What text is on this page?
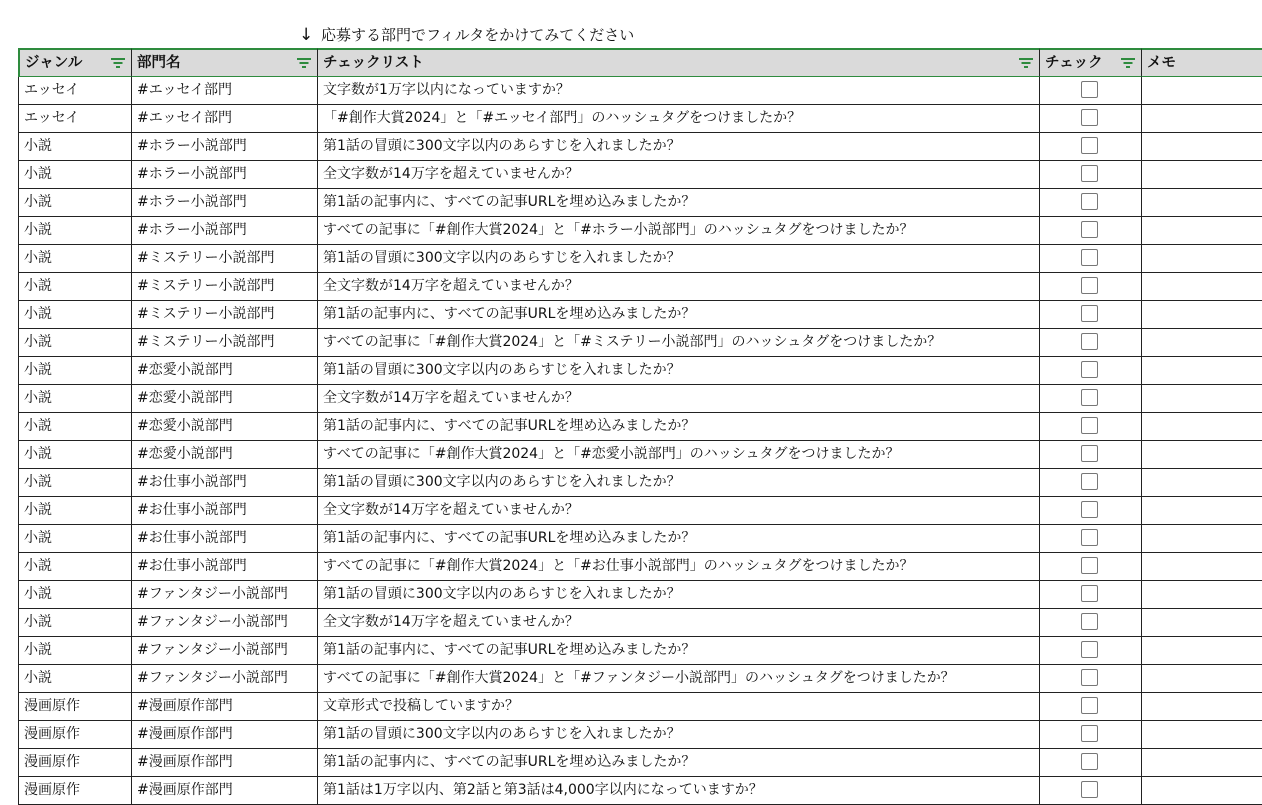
↓ 応募する部門でフィルタをかけてみてください
ジャンル	部門名	チェックリスト	チェック	メモ
エッセイ	#エッセイ部門	文字数が1万字以内になっていますか？
エッセイ	#エッセイ部門	「#創作大賞2024」と「#エッセイ部門」のハッシュタグをつけましたか？
小説	#ホラー小説部門	第1話の冒頭に300文字以内のあらすじを入れましたか？
小説	#ホラー小説部門	全文字数が14万字を超えていませんか？
小説	#ホラー小説部門	第1話の記事内に、すべての記事URLを埋め込みましたか？
小説	#ホラー小説部門	すべての記事に「#創作大賞2024」と「#ホラー小説部門」のハッシュタグをつけましたか？
小説	#ミステリー小説部門	第1話の冒頭に300文字以内のあらすじを入れましたか？
小説	#ミステリー小説部門	全文字数が14万字を超えていませんか？
小説	#ミステリー小説部門	第1話の記事内に、すべての記事URLを埋め込みましたか？
小説	#ミステリー小説部門	すべての記事に「#創作大賞2024」と「#ミステリー小説部門」のハッシュタグをつけましたか？
小説	#恋愛小説部門	第1話の冒頭に300文字以内のあらすじを入れましたか？
小説	#恋愛小説部門	全文字数が14万字を超えていませんか？
小説	#恋愛小説部門	第1話の記事内に、すべての記事URLを埋め込みましたか？
小説	#恋愛小説部門	すべての記事に「#創作大賞2024」と「#恋愛小説部門」のハッシュタグをつけましたか？
小説	#お仕事小説部門	第1話の冒頭に300文字以内のあらすじを入れましたか？
小説	#お仕事小説部門	全文字数が14万字を超えていませんか？
小説	#お仕事小説部門	第1話の記事内に、すべての記事URLを埋め込みましたか？
小説	#お仕事小説部門	すべての記事に「#創作大賞2024」と「#お仕事小説部門」のハッシュタグをつけましたか？
小説	#ファンタジー小説部門	第1話の冒頭に300文字以内のあらすじを入れましたか？
小説	#ファンタジー小説部門	全文字数が14万字を超えていませんか？
小説	#ファンタジー小説部門	第1話の記事内に、すべての記事URLを埋め込みましたか？
小説	#ファンタジー小説部門	すべての記事に「#創作大賞2024」と「#ファンタジー小説部門」のハッシュタグをつけましたか？
漫画原作	#漫画原作部門	文章形式で投稿していますか？
漫画原作	#漫画原作部門	第1話の冒頭に300文字以内のあらすじを入れましたか？
漫画原作	#漫画原作部門	第1話の記事内に、すべての記事URLを埋め込みましたか？
漫画原作	#漫画原作部門	第1話は1万字以内、第2話と第3話は4,000字以内になっていますか？
